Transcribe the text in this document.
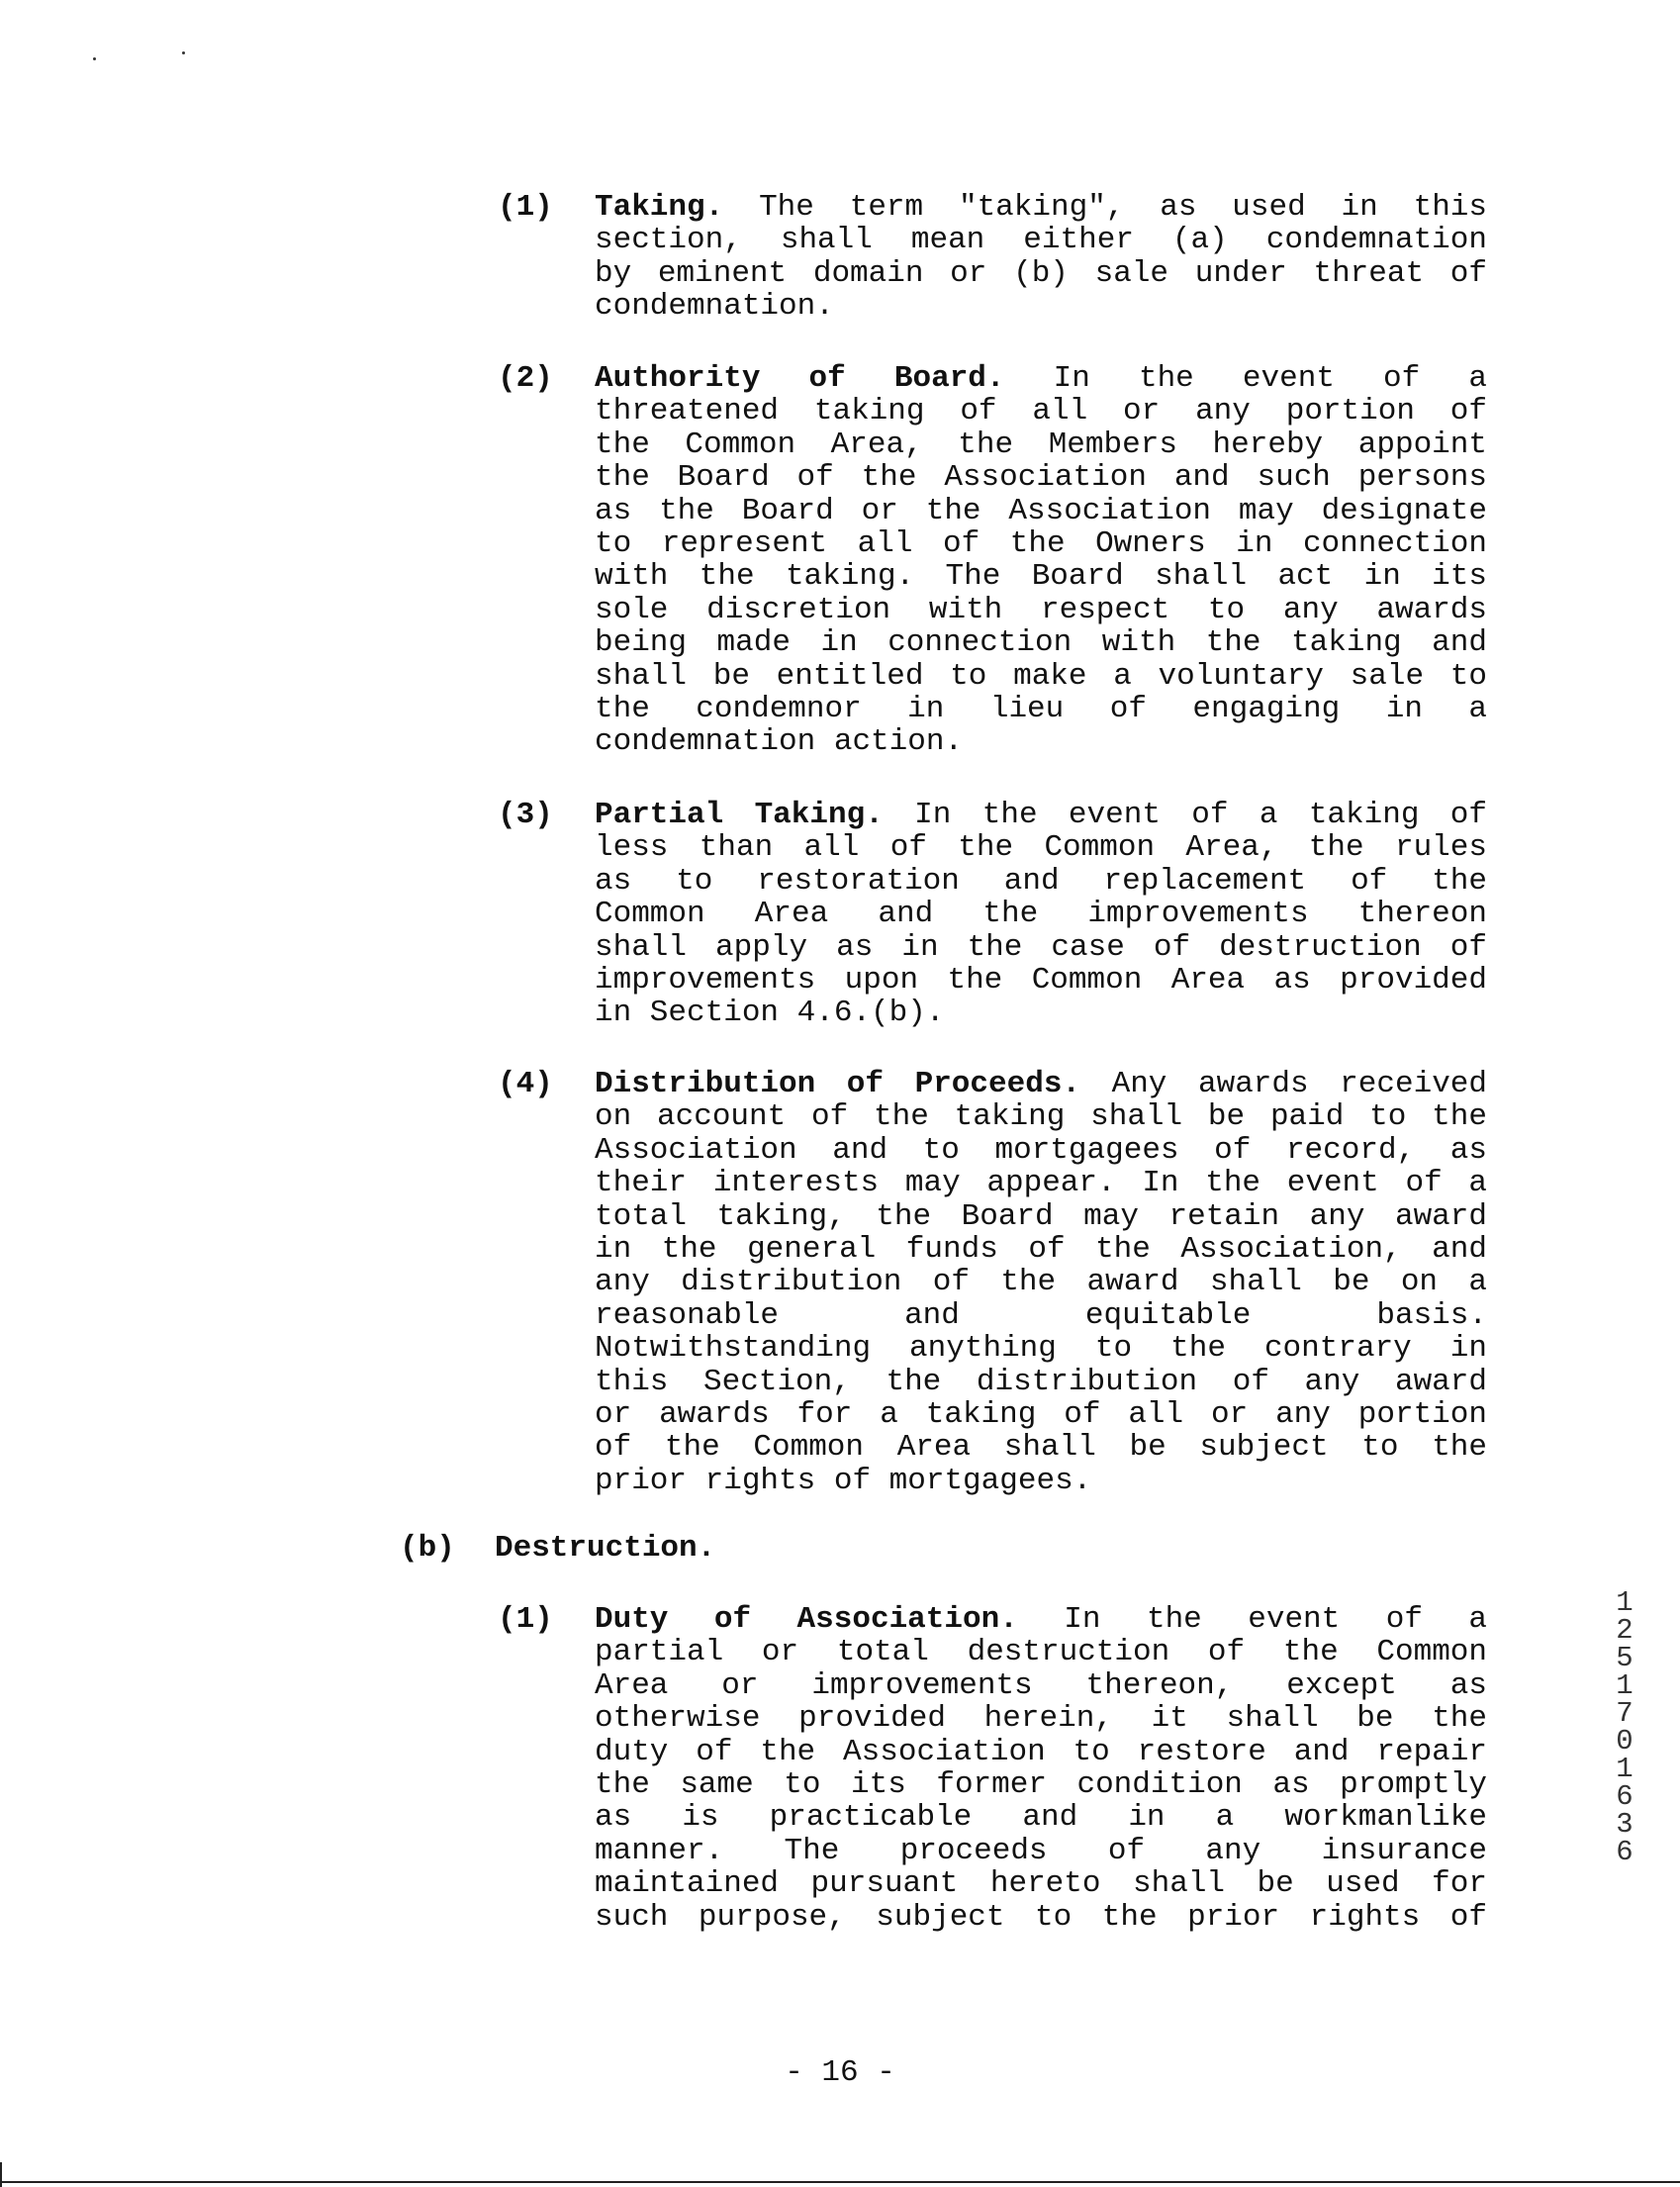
(1) Taking. The term "taking", as used in this
section, shall mean either (a) condemnation
by eminent domain or (b) sale under threat of
condemnation.
(2) Authority of Board. In the event of a
threatened taking of all or any portion of
the Common Area, the Members hereby appoint
the Board of the Association and such persons
as the Board or the Association may designate
to represent all of the Owners in connection
with the taking. The Board shall act in its
sole discretion with respect to any awards
being made in connection with the taking and
shall be entitled to make a voluntary sale to
the condemnor in lieu of engaging in a
condemnation action.
(3) Partial Taking. In the event of a taking of
less than all of the Common Area, the rules
as to restoration and replacement of the
Common Area and the improvements thereon
shall apply as in the case of destruction of
improvements upon the Common Area as provided
in Section 4.6.(b).
(4) Distribution of Proceeds. Any awards received
on account of the taking shall be paid to the
Association and to mortgagees of record, as
their interests may appear. In the event of a
total taking, the Board may retain any award
in the general funds of the Association, and
any distribution of the award shall be on a
reasonable and equitable basis.
Notwithstanding anything to the contrary in
this Section, the distribution of any award
or awards for a taking of all or any portion
of the Common Area shall be subject to the
prior rights of mortgagees.
(b) Destruction.
(1) Duty of Association. In the event of a
partial or total destruction of the Common
Area or improvements thereon, except as
otherwise provided herein, it shall be the
duty of the Association to restore and repair
the same to its former condition as promptly
as is practicable and in a workmanlike
manner. The proceeds of any insurance
maintained pursuant hereto shall be used for
such purpose, subject to the prior rights of
1
2
5
1
7
0
1
6
3
6
- 16 -
